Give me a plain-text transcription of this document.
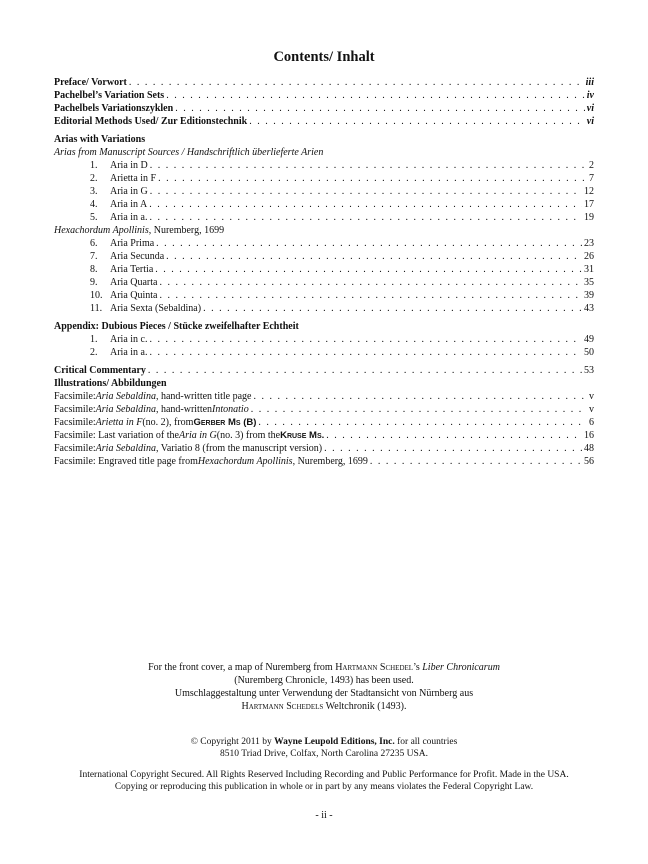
Contents/ Inhalt
Preface/ Vorwort . . .	iii
Pachelbel’s Variation Sets . . .	iv
Pachelbels Variationszyklen . . .	vi
Editorial Methods Used/ Zur Editionstechnik . . .	vi
Arias with Variations
Arias from Manuscript Sources / Handschriftlich überlieferte Arien
1.	Aria in D . . .	2
2.	Arietta in F . . .	7
3.	Aria in G . . .	12
4.	Aria in A . . .	17
5.	Aria in a. . . .	19
Hexachordum Apollinis, Nuremberg, 1699
6.	Aria Prima . . .	23
7.	Aria Secunda . . .	26
8.	Aria Tertia . . .	31
9.	Aria Quarta . . .	35
10. Aria Quinta . . .	39
11. Aria Sexta (Sebaldina) . . .	43
Appendix: Dubious Pieces / Stücke zweifelhafter Echtheit
1.	Aria in c. . . .	49
2.	Aria in a. . . .	50
Critical Commentary . . .	53
Illustrations/ Abbildungen
Facsimile: Aria Sebaldina , hand-written title page . . .	v
Facsimile: Aria Sebaldina , hand-written Intonatio . . .	v
Facsimile: Arietta in F (no. 2), from Gerber Ms (B) . . .	6
Facsimile: Last variation of the Aria in G (no. 3) from the Kruse Ms. . . .	16
Facsimile: Aria Sebaldina , Variatio 8 (from the manuscript version) . . .	48
Facsimile: Engraved title page from Hexachordum Apollinis , Nuremberg, 1699 . . .	56

For the front cover, a map of Nuremberg from Hartmann Schedel’s Liber Chronicarum

(Nuremberg Chronicle, 1493) has been used.

Umschlaggestaltung unter Verwendung der Stadtansicht von Nürnberg aus

Hartmann Schedels Weltchronik (1493).

© Copyright 2011 by Wayne Leupold Editions, Inc. for all countries

8510 Triad Drive, Colfax, North Carolina 27235 USA.

International Copyright Secured. All Rights Reserved Including Recording and Public Performance for Profit. Made in the USA.

Copying or reproducing this publication in whole or in part by any means violates the Federal Copyright Law.

- ii -
